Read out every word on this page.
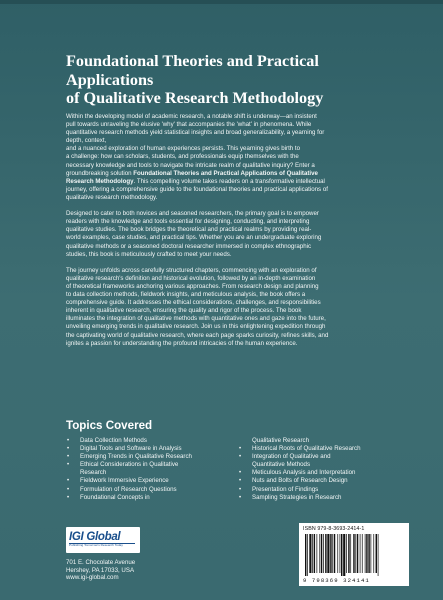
Foundational Theories and Practical
Applications
of Qualitative Research Methodology

Within the developing model of academic research, a notable shift is underway—an insistent
pull towards unraveling the elusive 'why' that accompanies the 'what' in phenomena. While
quantitative research methods yield statistical insights and broad generalizability, a yearning for
depth, context,
and a nuanced exploration of human experiences persists. This yearning gives birth to
a challenge: how can scholars, students, and professionals equip themselves with the
necessary knowledge and tools to navigate the intricate realm of qualitative inquiry? Enter a
groundbreaking solution Foundational Theories and Practical Applications of Qualitative
Research Methodology. This compelling volume takes readers on a transformative intellectual
journey, offering a comprehensive guide to the foundational theories and practical applications of
qualitative research methodology.

Designed to cater to both novices and seasoned researchers, the primary goal is to empower
readers with the knowledge and tools essential for designing, conducting, and interpreting
qualitative studies. The book bridges the theoretical and practical realms by providing real-
world examples, case studies, and practical tips. Whether you are an undergraduate exploring
qualitative methods or a seasoned doctoral researcher immersed in complex ethnographic
studies, this book is meticulously crafted to meet your needs.

The journey unfolds across carefully structured chapters, commencing with an exploration of
qualitative research's definition and historical evolution, followed by an in-depth examination
of theoretical frameworks anchoring various approaches. From research design and planning
to data collection methods, fieldwork insights, and meticulous analysis, the book offers a
comprehensive guide. It addresses the ethical considerations, challenges, and responsibilities
inherent in qualitative research, ensuring the quality and rigor of the process. The book
illuminates the integration of qualitative methods with quantitative ones and gaze into the future,
unveiling emerging trends in qualitative research. Join us in this enlightening expedition through
the captivating world of qualitative research, where each page sparks curiosity, refines skills, and
ignites a passion for understanding the profound intricacies of the human experience.

Topics Covered
• Data Collection Methods
• Digital Tools and Software in Analysis
• Emerging Trends in Qualitative Research
• Ethical Considerations in Qualitative
Research
• Fieldwork Immersive Experience
• Formulation of Research Questions
• Foundational Concepts in
Qualitative Research
• Historical Roots of Qualitative Research
• Integration of Qualitative and
Quantitative Methods
• Meticulous Analysis and Interpretation
• Nuts and Bolts of Research Design
• Presentation of Findings
• Sampling Strategies in Research
IGI Global
Publishing Tomorrow's Research Today
701 E. Chocolate Avenue
Hershey, PA 17033, USA
www.igi-global.com
ISBN 979-8-3693-2414-1
9 798369 324141
